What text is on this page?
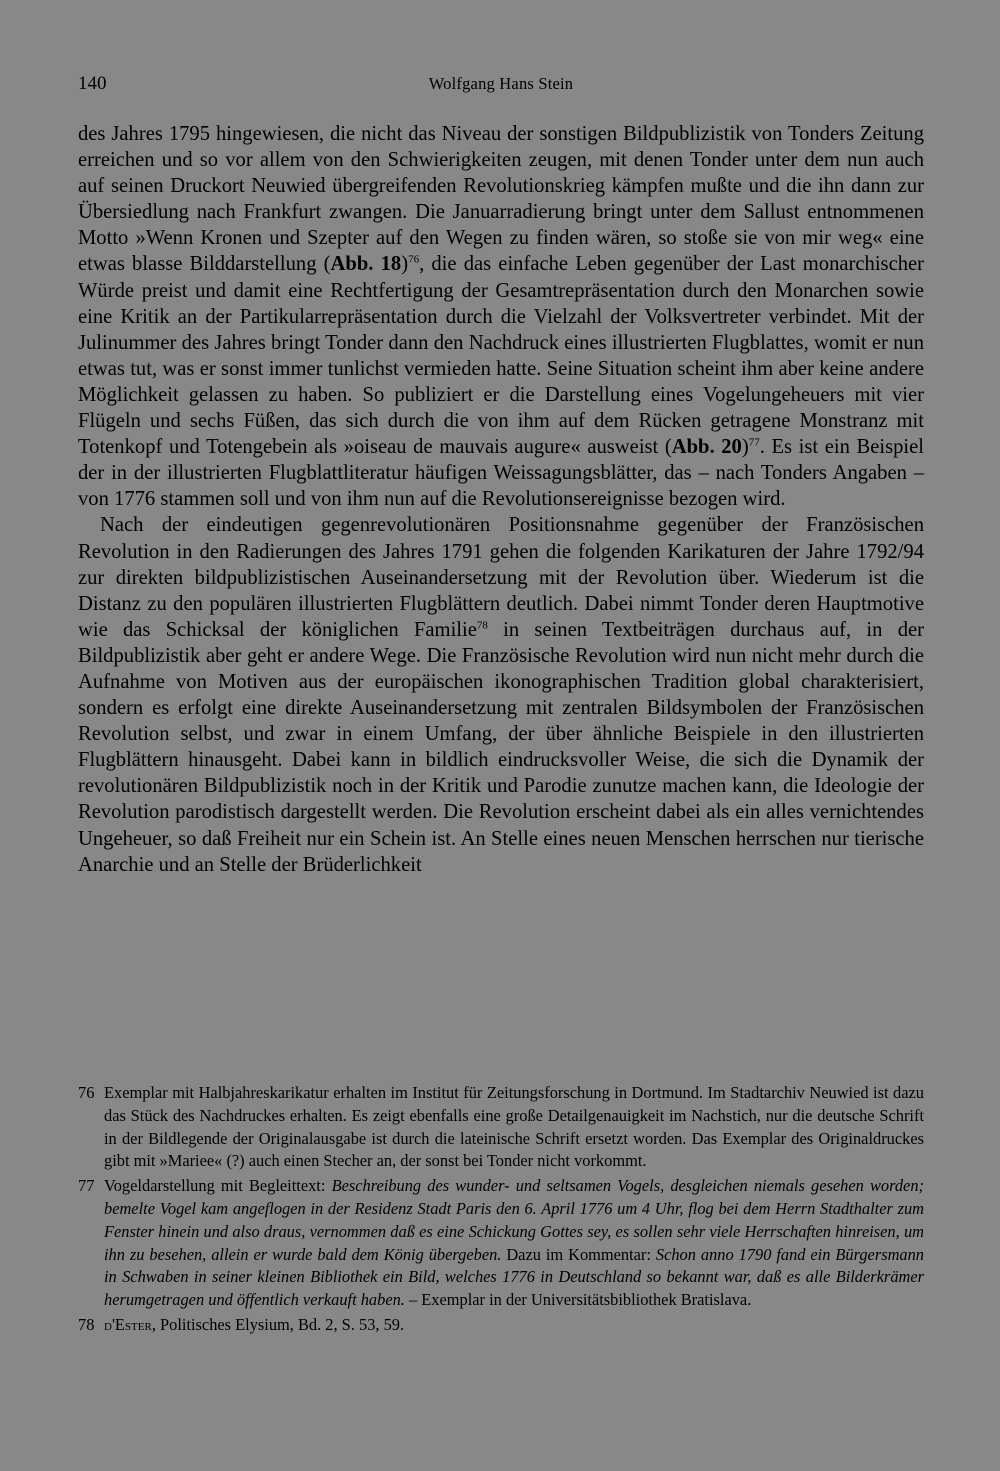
140	Wolfgang Hans Stein

des Jahres 1795 hingewiesen, die nicht das Niveau der sonstigen Bildpublizistik von Tonders Zeitung erreichen und so vor allem von den Schwierigkeiten zeugen, mit denen Tonder unter dem nun auch auf seinen Druckort Neuwied übergreifenden Revolutionskrieg kämpfen mußte und die ihn dann zur Übersiedlung nach Frankfurt zwangen. Die Januarradierung bringt unter dem Sallust entnommenen Motto »Wenn Kronen und Szepter auf den Wegen zu finden wären, so stoße sie von mir weg« eine etwas blasse Bilddarstellung (Abb. 18)$^{76}$, die das einfache Leben gegenüber der Last monarchischer Würde preist und damit eine Rechtfertigung der Gesamtrepräsentation durch den Monarchen sowie eine Kritik an der Partikularrepräsentation durch die Vielzahl der Volksvertreter verbindet. Mit der Julinummer des Jahres bringt Tonder dann den Nachdruck eines illustrierten Flugblattes, womit er nun etwas tut, was er sonst immer tunlichst vermieden hatte. Seine Situation scheint ihm aber keine andere Möglichkeit gelassen zu haben. So publiziert er die Darstellung eines Vogelungeheuers mit vier Flügeln und sechs Füßen, das sich durch die von ihm auf dem Rücken getragene Monstranz mit Totenkopf und Totengebein als »oiseau de mauvais augure« ausweist (Abb. 20)$^{77}$. Es ist ein Beispiel der in der illustrierten Flugblattliteratur häufigen Weissagungsblätter, das – nach Tonders Angaben – von 1776 stammen soll und von ihm nun auf die Revolutionsereignisse bezogen wird.

Nach der eindeutigen gegenrevolutionären Positionsnahme gegenüber der Französischen Revolution in den Radierungen des Jahres 1791 gehen die folgenden Karikaturen der Jahre 1792/94 zur direkten bildpublizistischen Auseinandersetzung mit der Revolution über. Wiederum ist die Distanz zu den populären illustrierten Flugblättern deutlich. Dabei nimmt Tonder deren Hauptmotive wie das Schicksal der königlichen Familie$^{78}$ in seinen Textbeiträgen durchaus auf, in der Bildpublizistik aber geht er andere Wege. Die Französische Revolution wird nun nicht mehr durch die Aufnahme von Motiven aus der europäischen ikonographischen Tradition global charakterisiert, sondern es erfolgt eine direkte Auseinandersetzung mit zentralen Bildsymbolen der Französischen Revolution selbst, und zwar in einem Umfang, der über ähnliche Beispiele in den illustrierten Flugblättern hinausgeht. Dabei kann in bildlich eindrucksvoller Weise, die sich die Dynamik der revolutionären Bildpublizistik noch in der Kritik und Parodie zunutze machen kann, die Ideologie der Revolution parodistisch dargestellt werden. Die Revolution erscheint dabei als ein alles vernichtendes Ungeheuer, so daß Freiheit nur ein Schein ist. An Stelle eines neuen Menschen herrschen nur tierische Anarchie und an Stelle der Brüderlichkeit

76 Exemplar mit Halbjahreskarikatur erhalten im Institut für Zeitungsforschung in Dortmund. Im Stadtarchiv Neuwied ist dazu das Stück des Nachdruckes erhalten. Es zeigt ebenfalls eine große Detailgenauigkeit im Nachstich, nur die deutsche Schrift in der Bildlegende der Originalausgabe ist durch die lateinische Schrift ersetzt worden. Das Exemplar des Originaldruckes gibt mit »Mariee« (?) auch einen Stecher an, der sonst bei Tonder nicht vorkommt.
77 Vogeldarstellung mit Begleittext: Beschreibung des wunder- und seltsamen Vogels, desgleichen niemals gesehen worden; bemelte Vogel kam angeflogen in der Residenz Stadt Paris den 6. April 1776 um 4 Uhr, flog bei dem Herrn Stadthalter zum Fenster hinein und also draus, vernommen daß es eine Schickung Gottes sey, es sollen sehr viele Herrschaften hinreisen, um ihn zu besehen, allein er wurde bald dem König übergeben. Dazu im Kommentar: Schon anno 1790 fand ein Bürgersmann in Schwaben in seiner kleinen Bibliothek ein Bild, welches 1776 in Deutschland so bekannt war, daß es alle Bilderkrämer herumgetragen und öffentlich verkauft haben. – Exemplar in der Universitätsbibliothek Bratislava.
78 d'Ester, Politisches Elysium, Bd. 2, S. 53, 59.
